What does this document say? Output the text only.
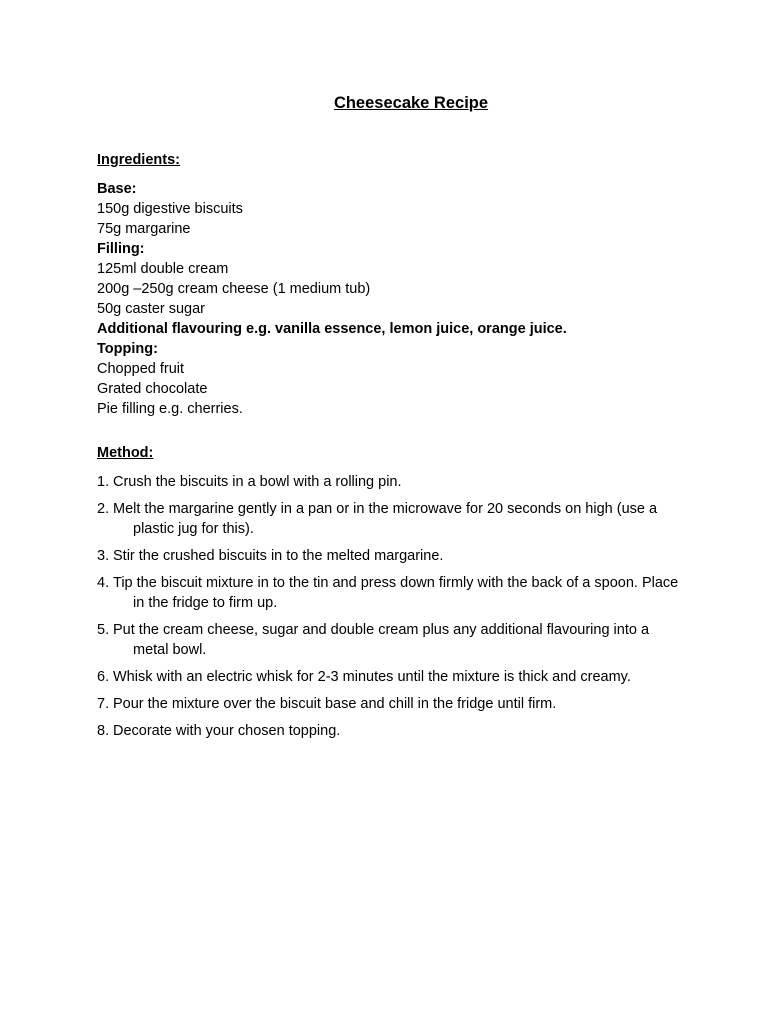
Cheesecake Recipe
Ingredients:
Base:
150g digestive biscuits
75g margarine
Filling:
125ml double cream
200g –250g cream cheese (1 medium tub)
50g caster sugar
Additional flavouring e.g. vanilla essence, lemon juice, orange juice.
Topping:
Chopped fruit
Grated chocolate
Pie filling e.g. cherries.
Method:
1. Crush the biscuits in a bowl with a rolling pin.
2. Melt the margarine gently in a pan or in the microwave for 20 seconds on high (use a
plastic jug for this).
3. Stir the crushed biscuits in to the melted margarine.
4. Tip the biscuit mixture in to the tin and press down firmly with the back of a spoon. Place
in the fridge to firm up.
5. Put the cream cheese, sugar and double cream plus any additional flavouring into a
metal bowl.
6. Whisk with an electric whisk for 2-3 minutes until the mixture is thick and creamy.
7. Pour the mixture over the biscuit base and chill in the fridge until firm.
8. Decorate with your chosen topping.
